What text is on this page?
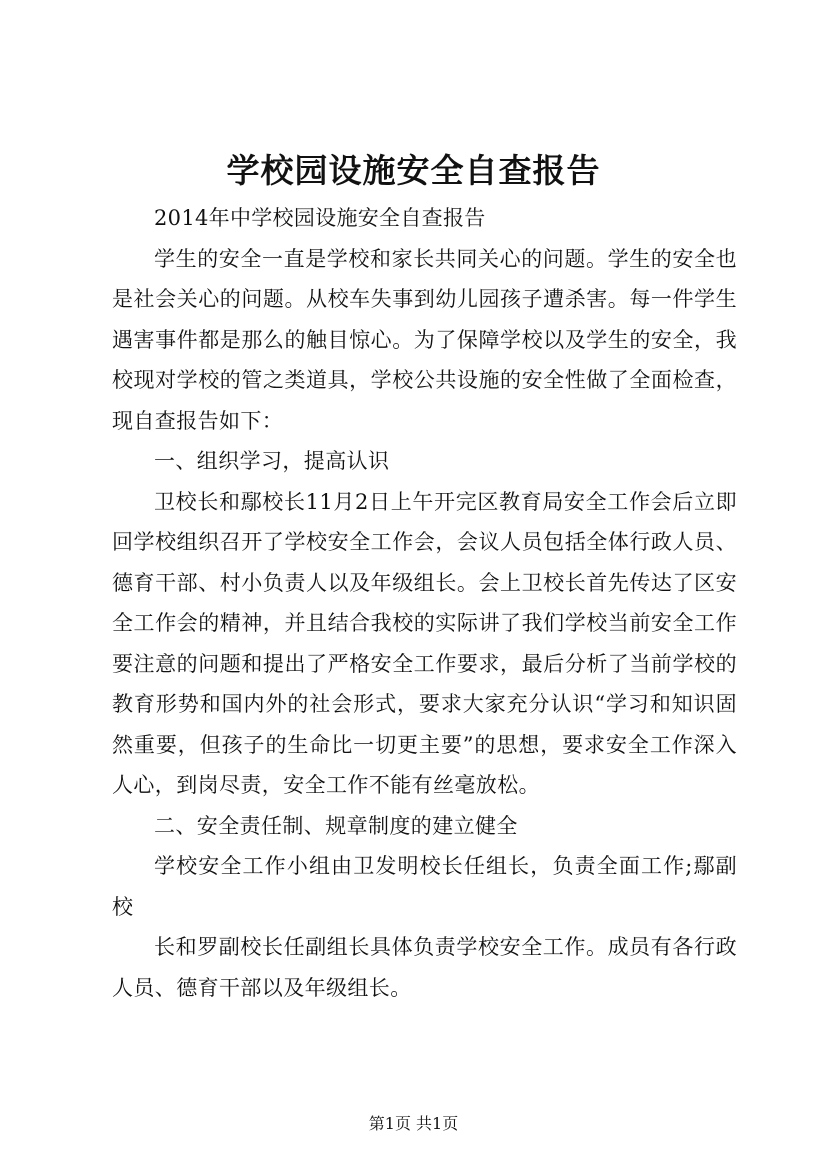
学校园设施安全自查报告

2014年中学校园设施安全自查报告

学生的安全一直是学校和家长共同关心的问题。学生的安全也是社会关心的问题。从校车失事到幼儿园孩子遭杀害。每一件学生遇害事件都是那么的触目惊心。为了保障学校以及学生的安全，我校现对学校的管之类道具，学校公共设施的安全性做了全面检查，现自查报告如下：

一、组织学习，提高认识

卫校长和鄢校长11月2日上午开完区教育局安全工作会后立即回学校组织召开了学校安全工作会，会议人员包括全体行政人员、德育干部、村小负责人以及年级组长。会上卫校长首先传达了区安全工作会的精神，并且结合我校的实际讲了我们学校当前安全工作要注意的问题和提出了严格安全工作要求，最后分析了当前学校的教育形势和国内外的社会形式，要求大家充分认识“学习和知识固然重要，但孩子的生命比一切更主要”的思想，要求安全工作深入人心，到岗尽责，安全工作不能有丝毫放松。

二、安全责任制、规章制度的建立健全

学校安全工作小组由卫发明校长任组长，负责全面工作;鄢副校

长和罗副校长任副组长具体负责学校安全工作。成员有各行政人员、德育干部以及年级组长。

第1页 共1页
